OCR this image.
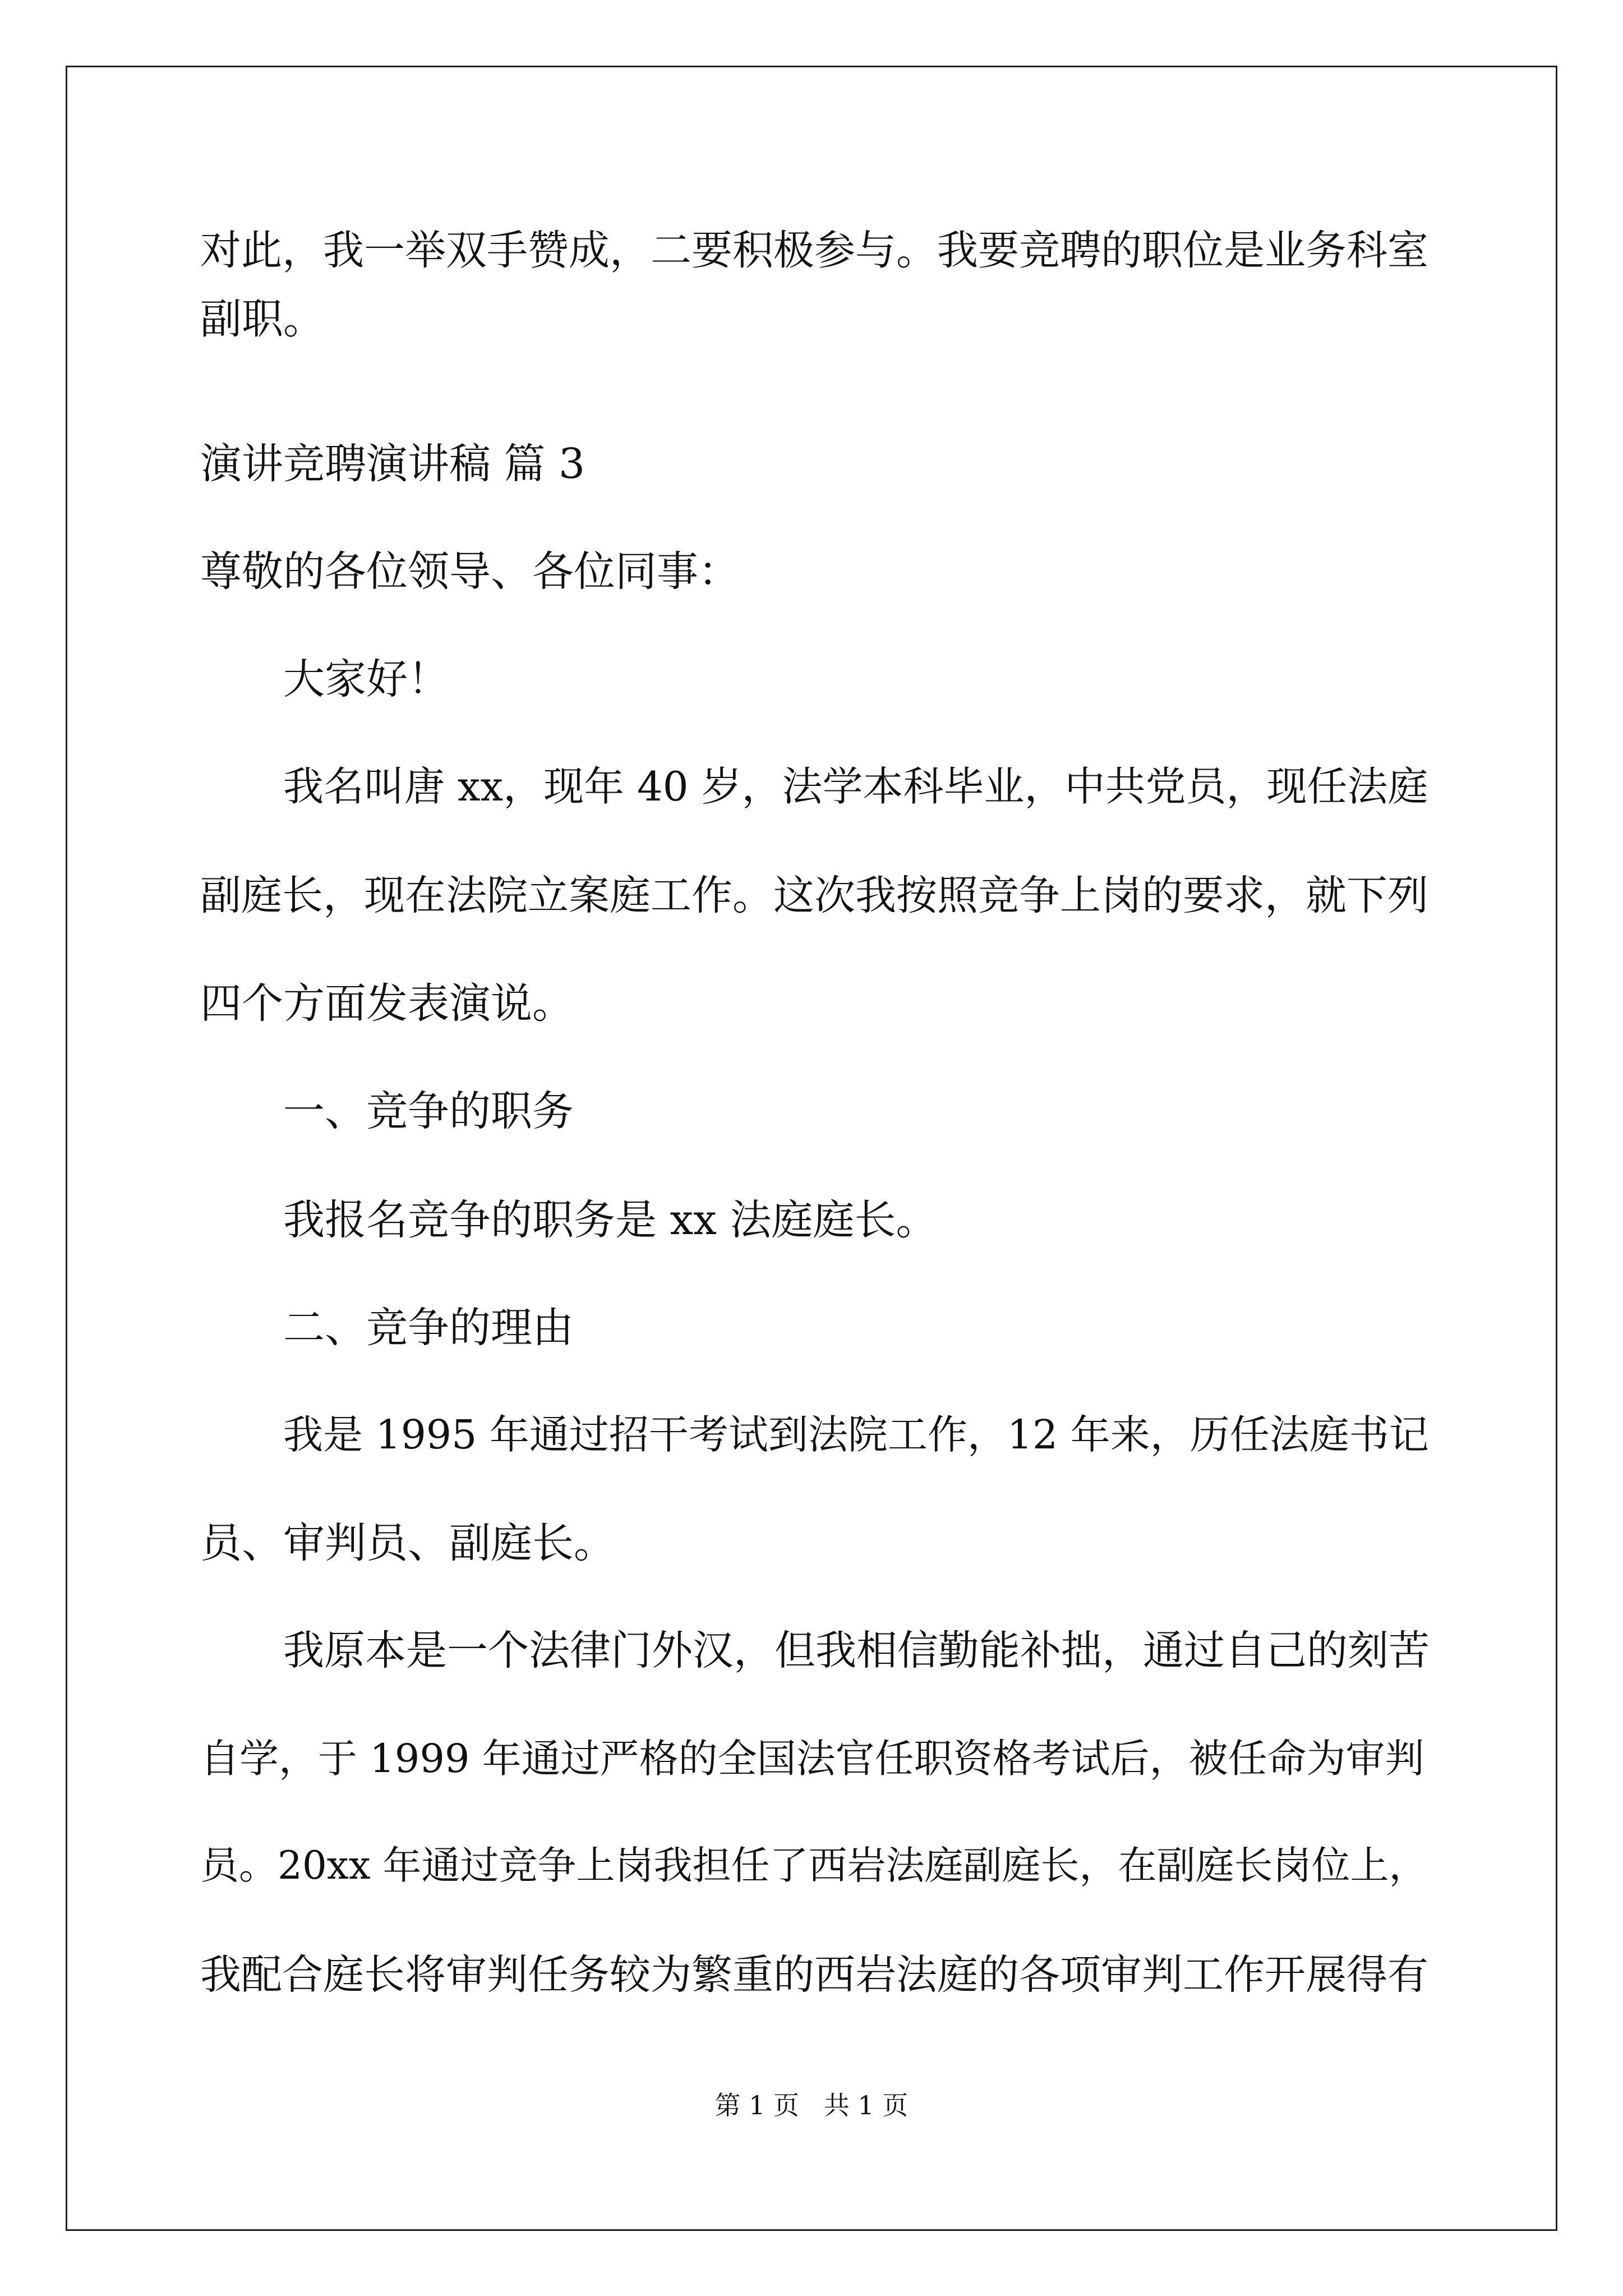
对此，我一举双手赞成，二要积极参与。我要竞聘的职位是业务科室
副职。
演讲竞聘演讲稿 篇 3
尊敬的各位领导、各位同事：
大家好！
我名叫唐 xx，现年 40 岁，法学本科毕业，中共党员，现任法庭
副庭长，现在法院立案庭工作。这次我按照竞争上岗的要求，就下列
四个方面发表演说。
一、竞争的职务
我报名竞争的职务是 xx 法庭庭长。
二、竞争的理由
我是 1995 年通过招干考试到法院工作，12 年来，历任法庭书记
员、审判员、副庭长。
我原本是一个法律门外汉，但我相信勤能补拙，通过自己的刻苦
自学，于 1999 年通过严格的全国法官任职资格考试后，被任命为审判
员。20xx 年通过竞争上岗我担任了西岩法庭副庭长，在副庭长岗位上，
我配合庭长将审判任务较为繁重的西岩法庭的各项审判工作开展得有
第 1 页   共 1 页
